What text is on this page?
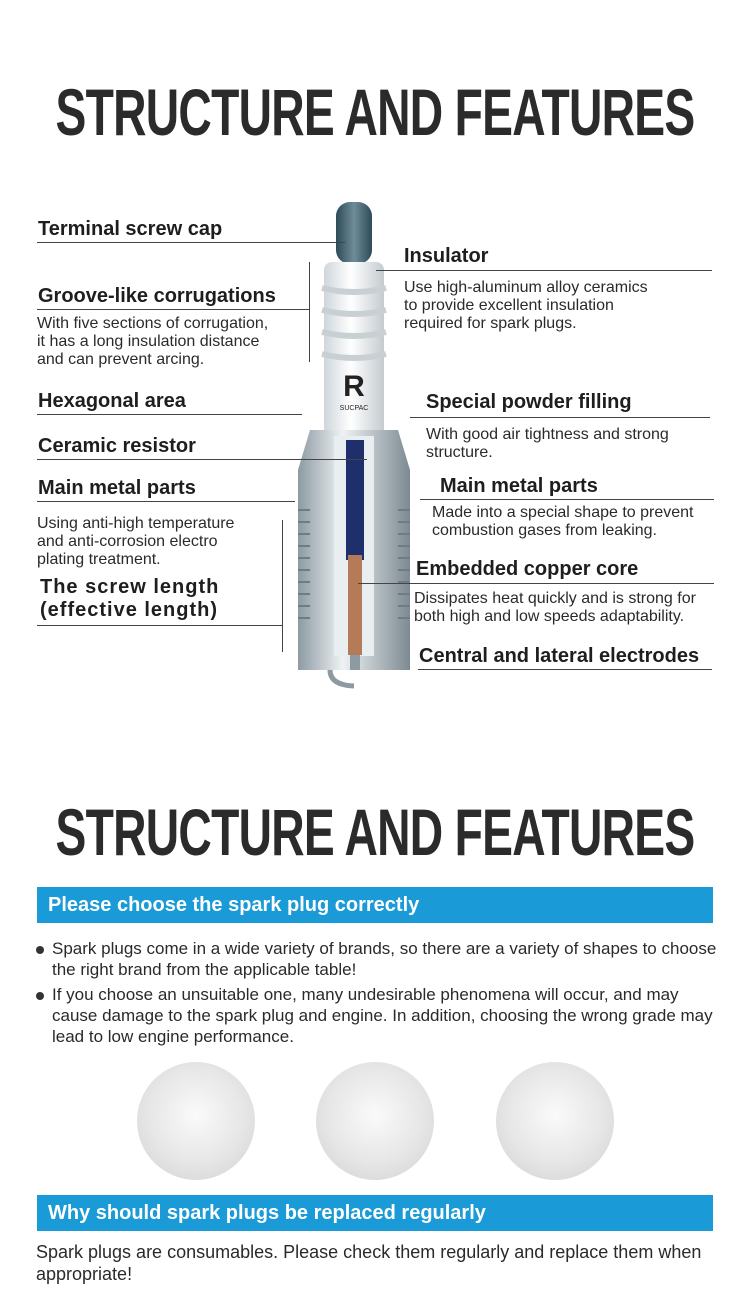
STRUCTURE AND FEATURES
R
SUCPAC
Terminal screw cap
Groove-like corrugations
With five sections of corrugation,
it has a long insulation distance
and can prevent arcing.
Hexagonal area
Ceramic resistor
Main metal parts
Using anti-high temperature
and anti-corrosion electro
plating treatment.
The screw length
(effective length)
Insulator
Use high-aluminum alloy ceramics
to provide excellent insulation
required for spark plugs.
Special powder filling
With good air tightness and strong
structure.
Main metal parts
Made into a special shape to prevent
combustion gases from leaking.
Embedded copper core
Dissipates heat quickly and is strong for
both high and low speeds adaptability.
Central and lateral electrodes
STRUCTURE AND FEATURES
Please choose the spark plug correctly
Spark plugs come in a wide variety of brands, so there are a variety of shapes to choose the right brand from the applicable table!
If you choose an unsuitable one, many undesirable phenomena will occur, and may cause damage to the spark plug and engine. In addition, choosing the wrong grade may lead to low engine performance.
Why should spark plugs be replaced regularly
Spark plugs are consumables. Please check them regularly and replace them when appropriate!
